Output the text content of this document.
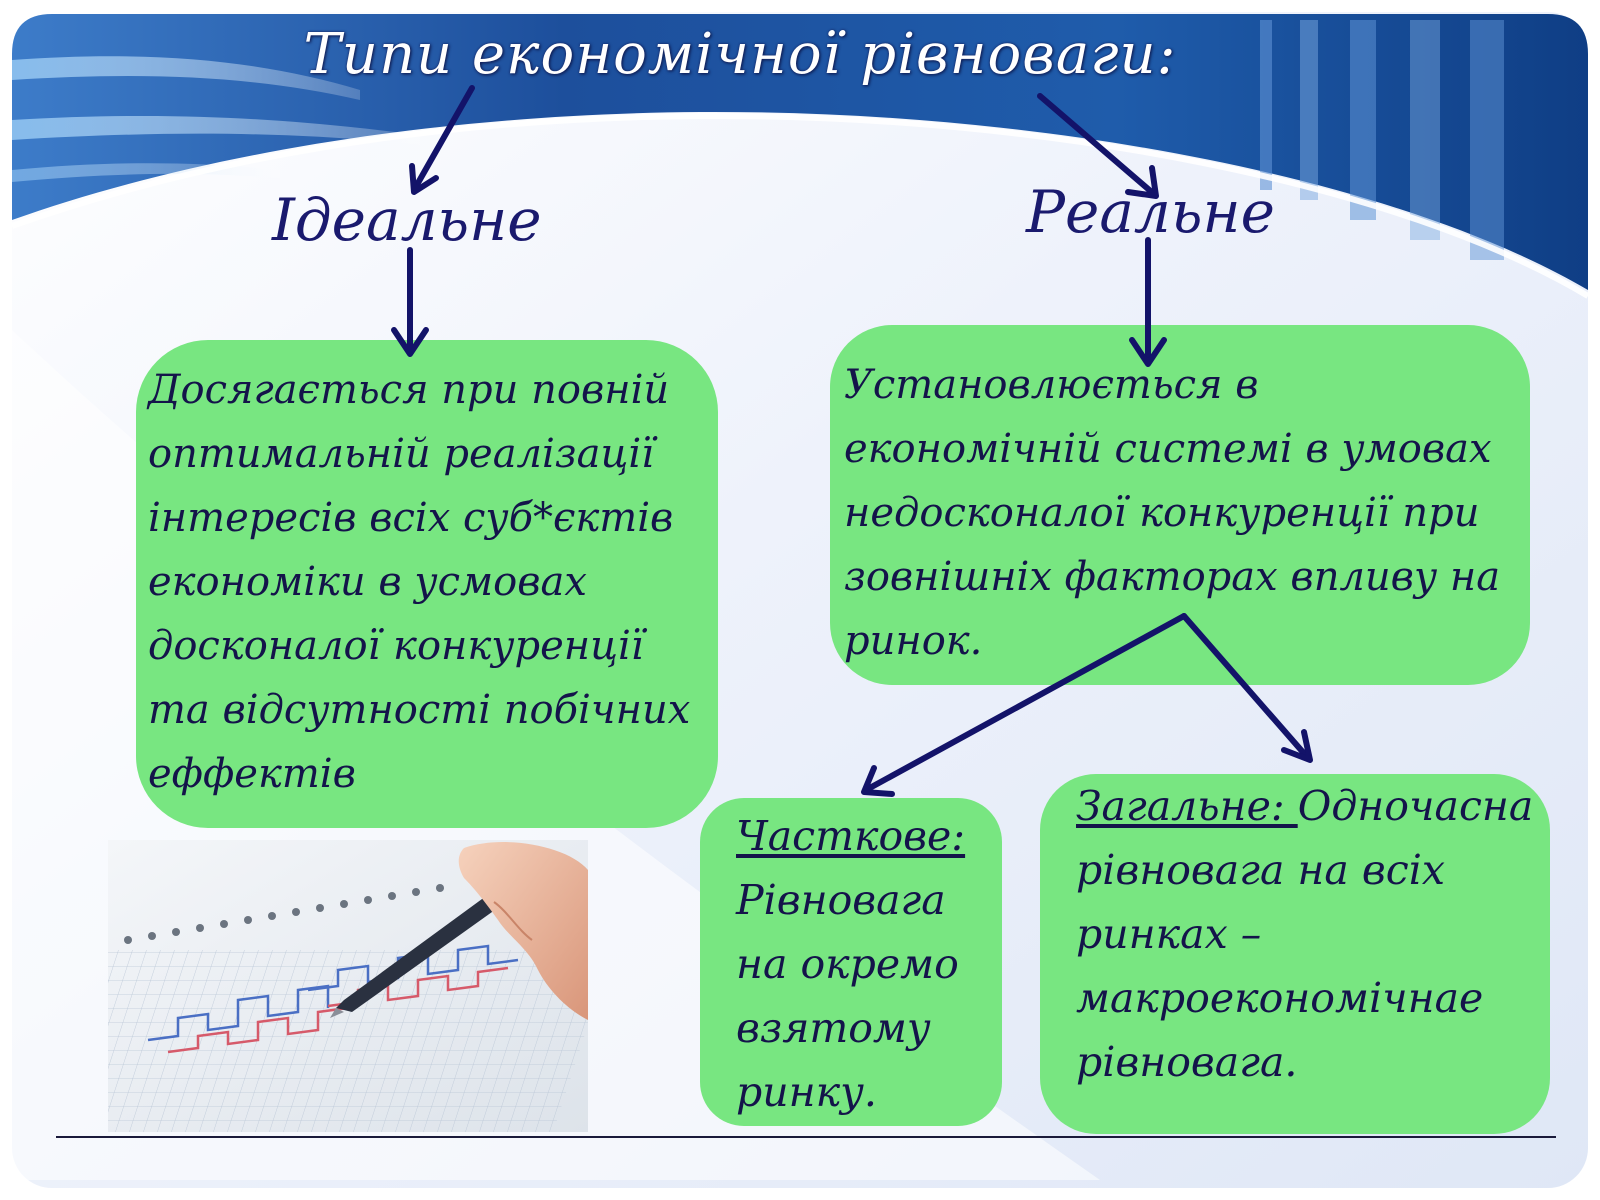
Типи економічної рівноваги:
Ідеальне	Реальне
Досягається при повній оптимальній реалізації інтересів всіх суб*єктів економіки в усмовах досконалої конкуренції та відсутності побічних еффектів
Установлюється в економічній системі в умовах недосконалої конкуренції при зовнішніх факторах впливу на ринок.
Часткове: Рівновага на окремо взятому ринку.
Загальне: Одночасна рівновага на всіх ринках – макроекономічнае рівновага.
